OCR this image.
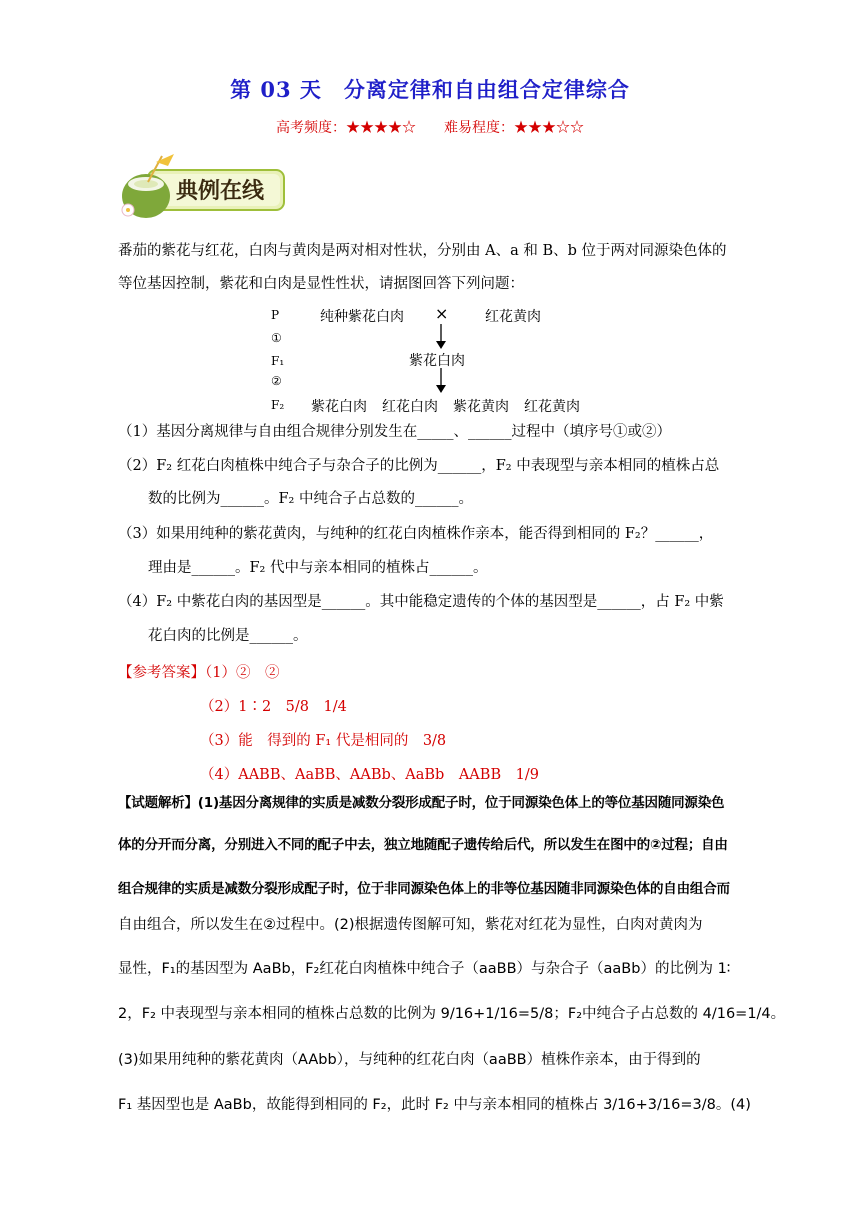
第 03 天　分离定律和自由组合定律综合
高考频度：★★★★☆ 难易程度：★★★☆☆
典例在线
番茄的紫花与红花，白肉与黄肉是两对相对性状，分别由 A、a 和 B、b 位于两对同源染色体的
等位基因控制，紫花和白肉是显性性状，请据图回答下列问题：
P
①
F₁
②
F₂
纯种紫花白肉 ×	红花黄肉
紫花白肉
紫花白肉 红花白肉 紫花黄肉 红花黄肉
（1）基因分离规律与自由组合规律分别发生在_____、______过程中（填序号①或②）
（2）F₂ 红花白肉植株中纯合子与杂合子的比例为______，F₂ 中表现型与亲本相同的植株占总
数的比例为______。F₂ 中纯合子占总数的______。
（3）如果用纯种的紫花黄肉，与纯种的红花白肉植株作亲本，能否得到相同的 F₂？______，
理由是______。F₂ 代中与亲本相同的植株占______。
（4）F₂ 中紫花白肉的基因型是______。其中能稳定遗传的个体的基因型是______，占 F₂ 中紫
花白肉的比例是______。
【参考答案】（1）②　②
（2）1∶2　5/8　1/4
（3）能　得到的 F₁ 代是相同的　3/8
（4）AABB、AaBB、AABb、AaBb　AABB　1/9
【试题解析】(1)基因分离规律的实质是减数分裂形成配子时，位于同源染色体上的等位基因随同源染色
体的分开而分离，分别进入不同的配子中去，独立地随配子遗传给后代，所以发生在图中的②过程；自由
组合规律的实质是减数分裂形成配子时，位于非同源染色体上的非等位基因随非同源染色体的自由组合而
自由组合，所以发生在②过程中。(2)根据遗传图解可知，紫花对红花为显性，白肉对黄肉为
显性，F₁的基因型为 AaBb，F₂红花白肉植株中纯合子（aaBB）与杂合子（aaBb）的比例为 1∶
2，F₂ 中表现型与亲本相同的植株占总数的比例为 9/16+1/16=5/8；F₂中纯合子占总数的 4/16=1/4。
(3)如果用纯种的紫花黄肉（AAbb），与纯种的红花白肉（aaBB）植株作亲本，由于得到的
F₁ 基因型也是 AaBb，故能得到相同的 F₂，此时 F₂ 中与亲本相同的植株占 3/16+3/16=3/8。(4)
